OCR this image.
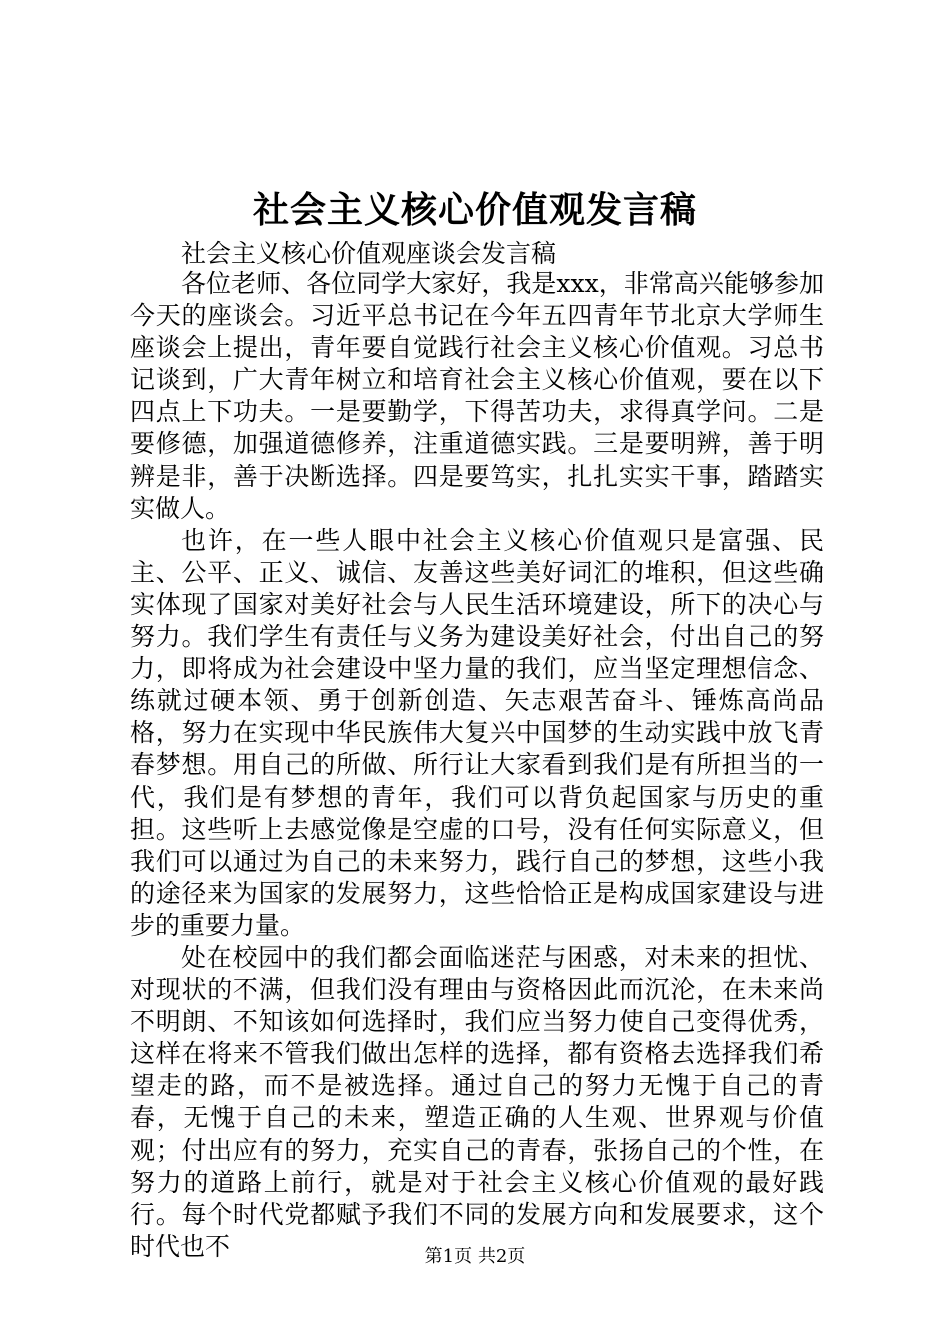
社会主义核心价值观发言稿
社会主义核心价值观座谈会发言稿

各位老师、各位同学大家好，我是xxx，非常高兴能够参加今天的座谈会。习近平总书记在今年五四青年节北京大学师生座谈会上提出，青年要自觉践行社会主义核心价值观。习总书记谈到，广大青年树立和培育社会主义核心价值观，要在以下四点上下功夫。一是要勤学，下得苦功夫，求得真学问。二是要修德，加强道德修养，注重道德实践。三是要明辨，善于明辨是非，善于决断选择。四是要笃实，扎扎实实干事，踏踏实实做人。

也许，在一些人眼中社会主义核心价值观只是富强、民主、公平、正义、诚信、友善这些美好词汇的堆积，但这些确实体现了国家对美好社会与人民生活环境建设，所下的决心与努力。我们学生有责任与义务为建设美好社会，付出自己的努力，即将成为社会建设中坚力量的我们，应当坚定理想信念、练就过硬本领、勇于创新创造、矢志艰苦奋斗、锤炼高尚品格，努力在实现中华民族伟大复兴中国梦的生动实践中放飞青春梦想。用自己的所做、所行让大家看到我们是有所担当的一代，我们是有梦想的青年，我们可以背负起国家与历史的重担。这些听上去感觉像是空虚的口号，没有任何实际意义，但我们可以通过为自己的未来努力，践行自己的梦想，这些小我的途径来为国家的发展努力，这些恰恰正是构成国家建设与进步的重要力量。

处在校园中的我们都会面临迷茫与困惑，对未来的担忧、对现状的不满，但我们没有理由与资格因此而沉沦，在未来尚不明朗、不知该如何选择时，我们应当努力使自己变得优秀，这样在将来不管我们做出怎样的选择，都有资格去选择我们希望走的路，而不是被选择。通过自己的努力无愧于自己的青春，无愧于自己的未来，塑造正确的人生观、世界观与价值观；付出应有的努力，充实自己的青春，张扬自己的个性，在努力的道路上前行，就是对于社会主义核心价值观的最好践行。每个时代党都赋予我们不同的发展方向和发展要求，这个时代也不	第1页 共2页
